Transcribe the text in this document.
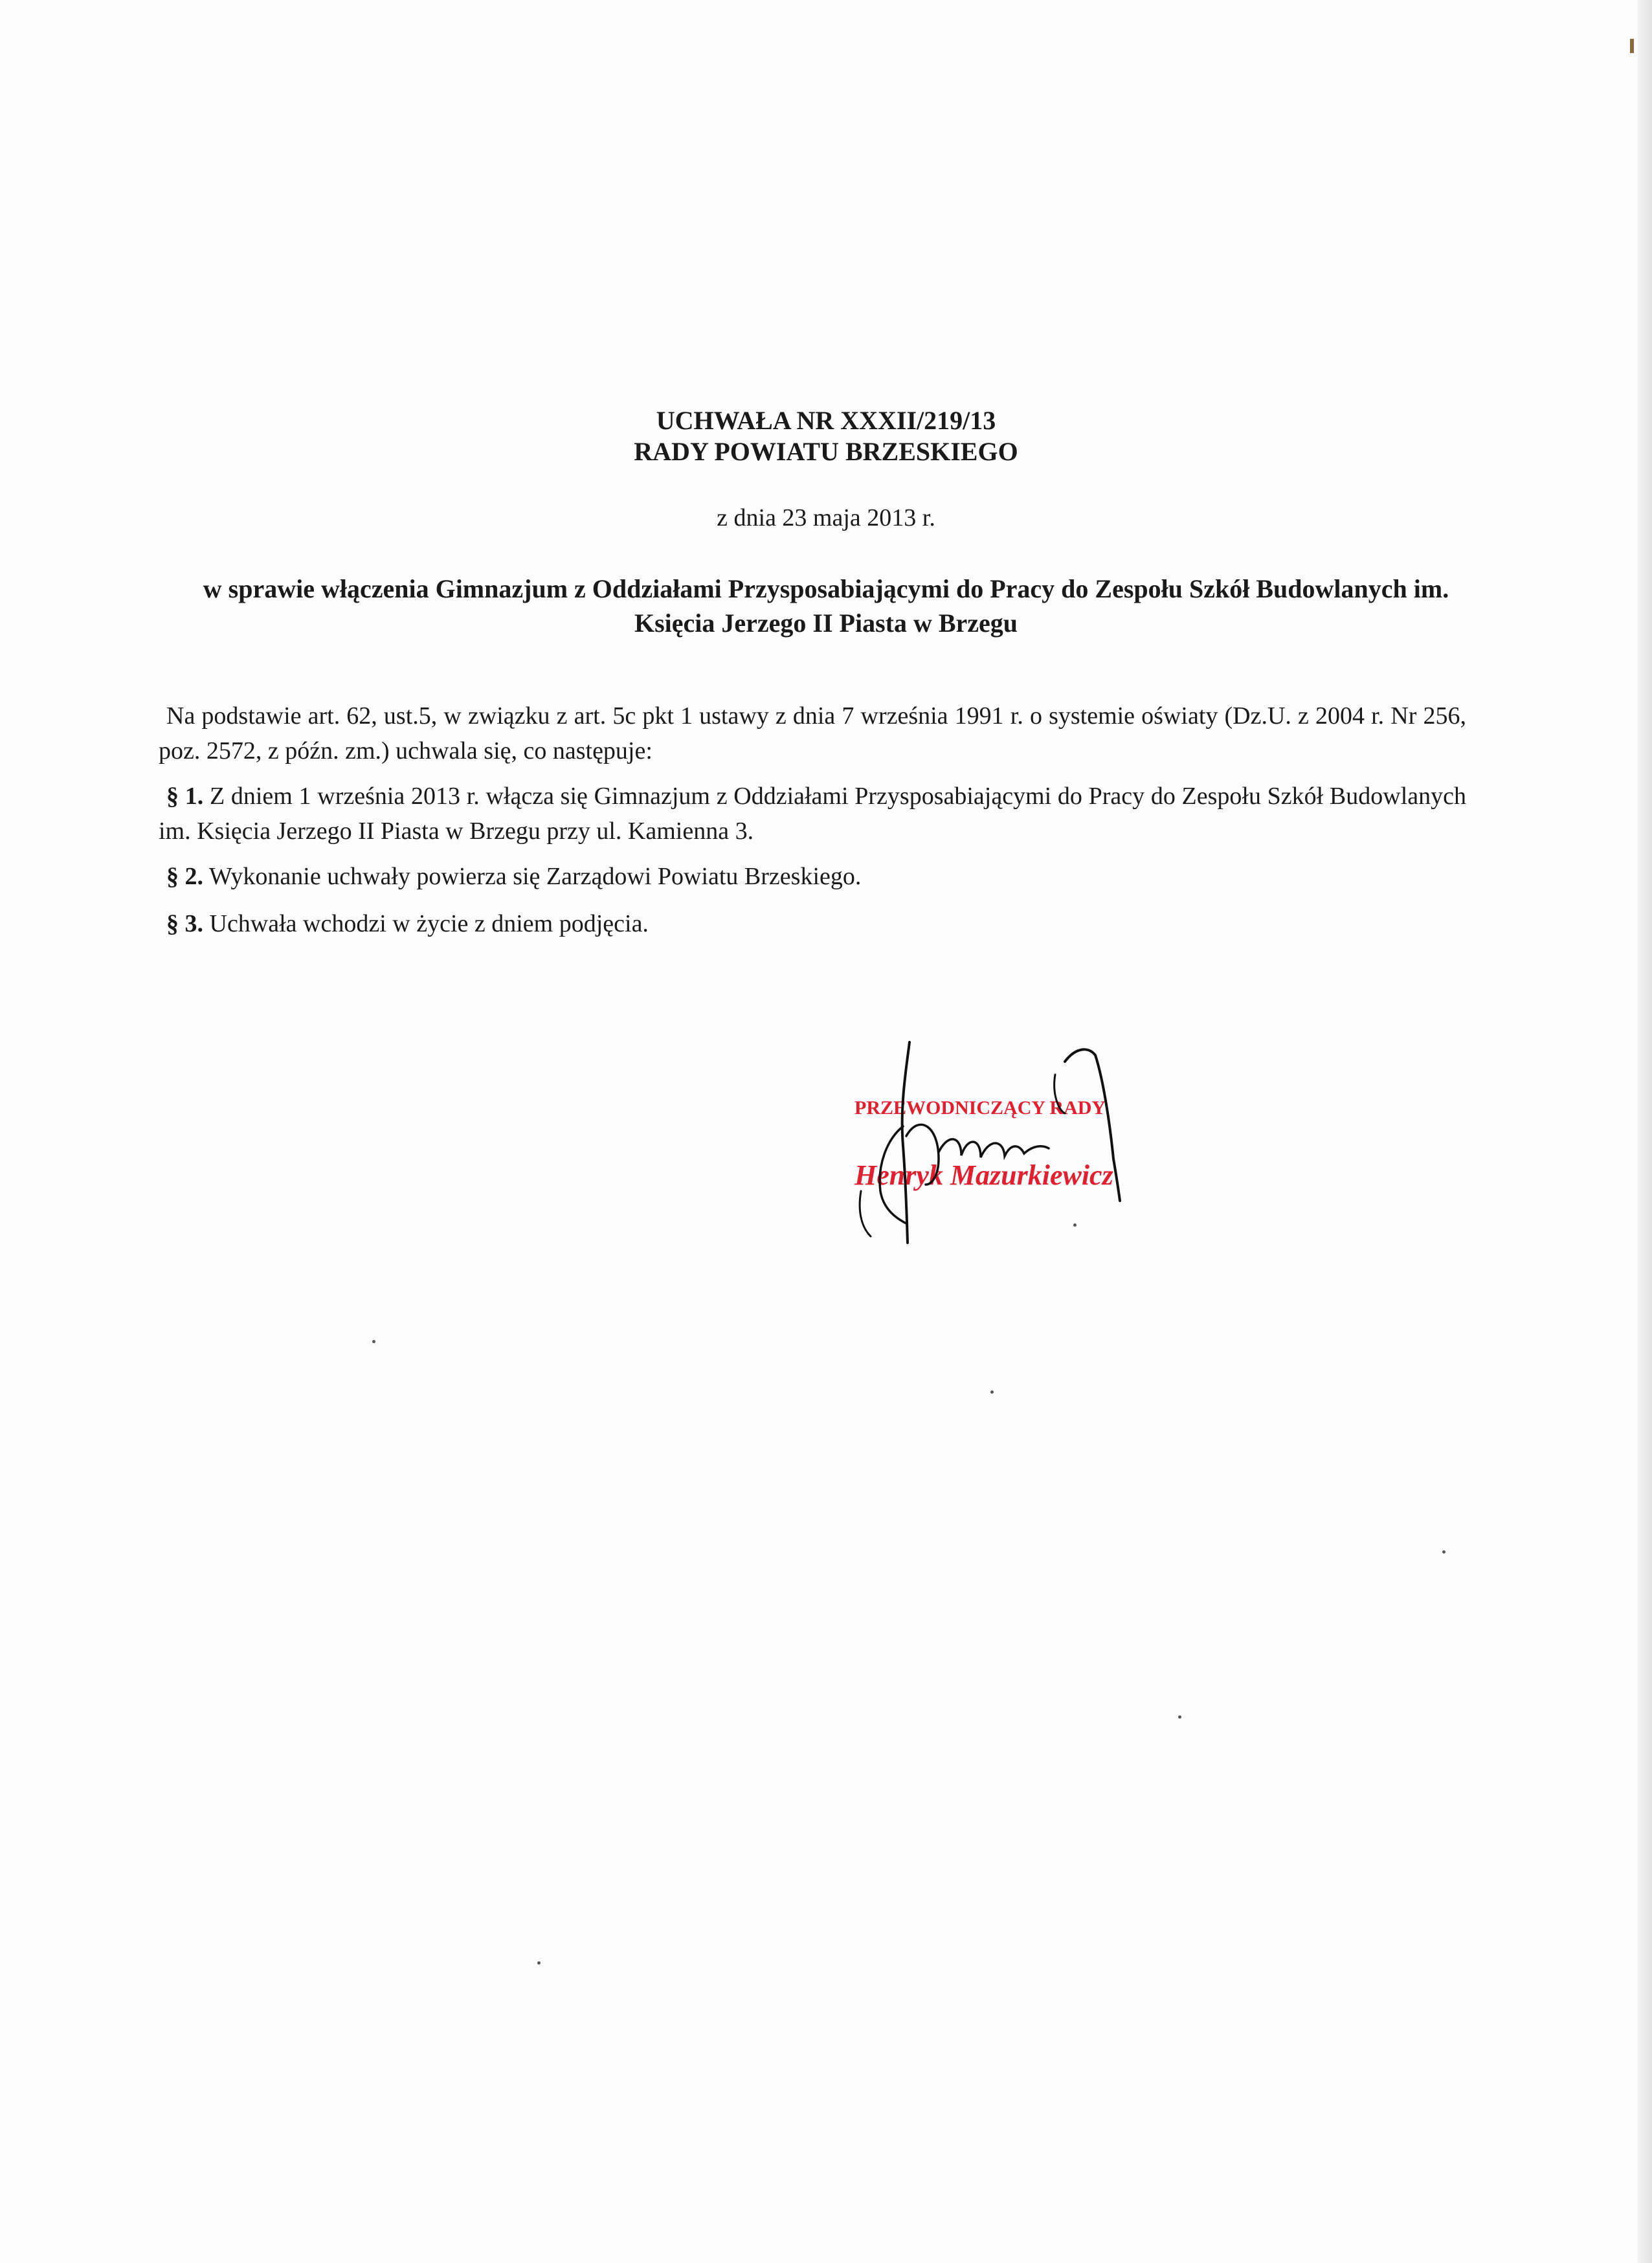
UCHWAŁA NR XXXII/219/13
RADY POWIATU BRZESKIEGO
z dnia 23 maja 2013 r.
w sprawie włączenia Gimnazjum z Oddziałami Przysposabiającymi do Pracy do Zespołu Szkół Budowlanych im. Księcia Jerzego II Piasta w Brzegu

Na podstawie art. 62, ust.5, w związku z art. 5c pkt 1 ustawy z dnia 7 września 1991 r. o systemie oświaty (Dz.U. z 2004 r. Nr 256, poz. 2572, z późn. zm.) uchwala się, co następuje:

§ 1. Z dniem 1 września 2013 r. włącza się Gimnazjum z Oddziałami Przysposabiającymi do Pracy do Zespołu Szkół Budowlanych im. Księcia Jerzego II Piasta w Brzegu przy ul. Kamienna 3.

§ 2. Wykonanie uchwały powierza się Zarządowi Powiatu Brzeskiego.

§ 3. Uchwała wchodzi w życie z dniem podjęcia.

PRZEWODNICZĄCY RADY
Henryk Mazurkiewicz
